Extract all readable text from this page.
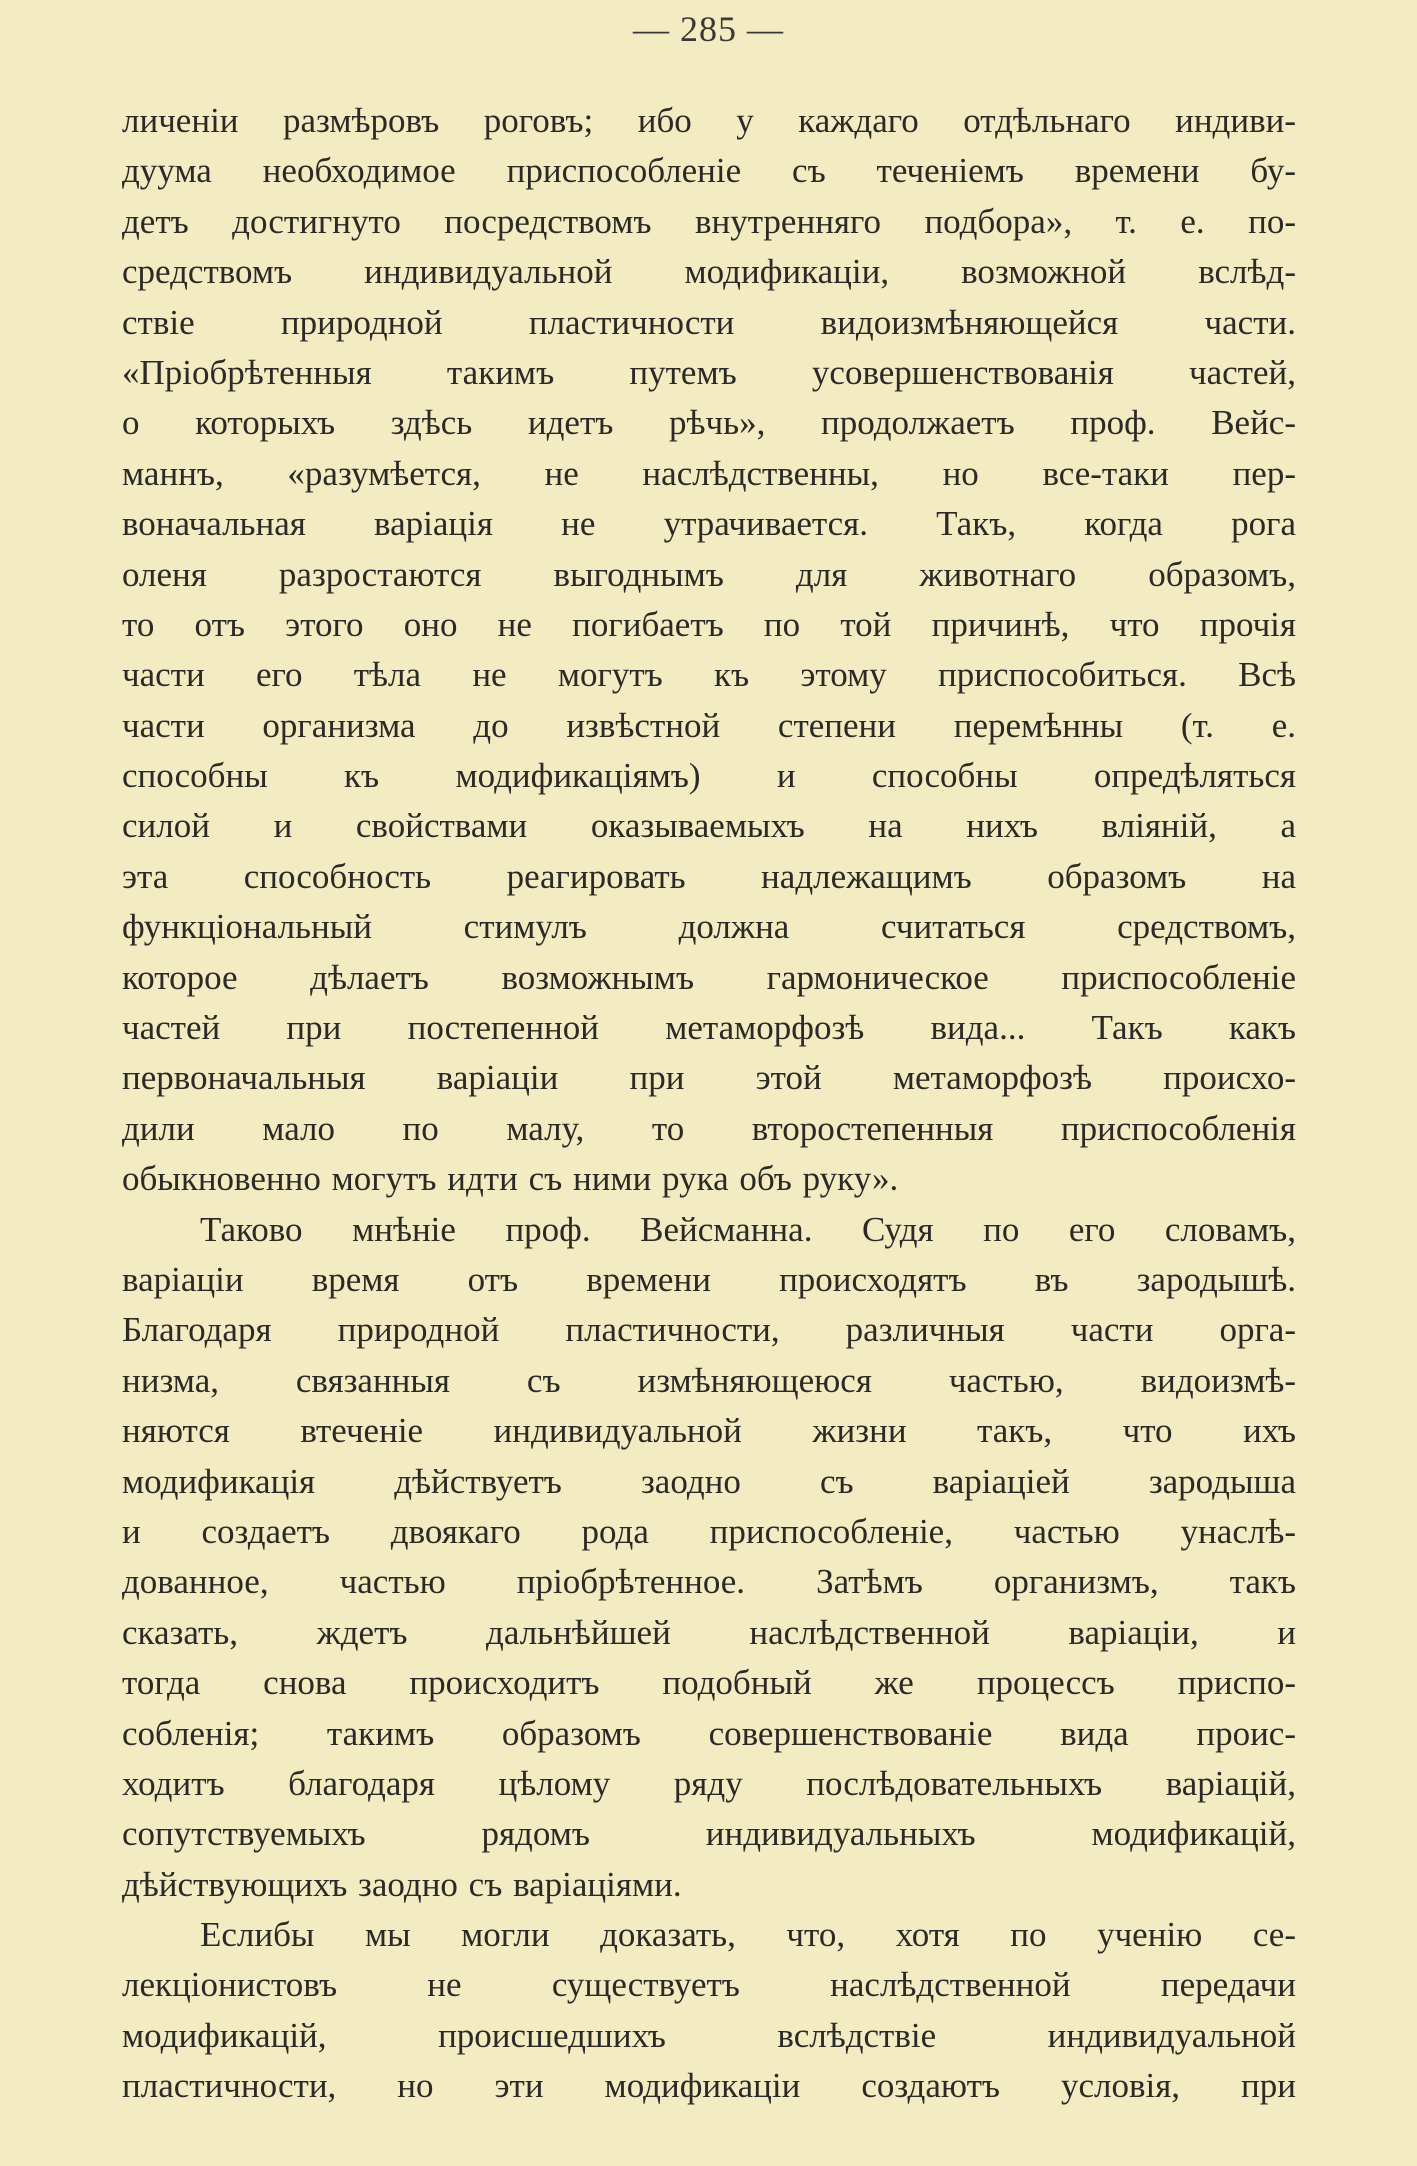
— 285 —
личеніи размѣровъ роговъ; ибо у каждаго отдѣльнаго индиви-
дуума необходимое приспособленіе съ теченіемъ времени бу-
детъ достигнуто посредствомъ внутренняго подбора», т. е. по-
средствомъ индивидуальной модификаціи, возможной вслѣд-
ствіе природной пластичности видоизмѣняющейся части.
«Пріобрѣтенныя такимъ путемъ усовершенствованія частей,
о которыхъ здѣсь идетъ рѣчь», продолжаетъ проф. Вейс-
маннъ, «разумѣется, не наслѣдственны, но все-таки пер-
воначальная варіація не утрачивается. Такъ, когда рога
оленя разростаются выгоднымъ для животнаго образомъ,
то отъ этого оно не погибаетъ по той причинѣ, что прочія
части его тѣла не могутъ къ этому приспособиться. Всѣ
части организма до извѣстной степени перемѣнны (т. е.
способны къ модификаціямъ) и способны опредѣляться
силой и свойствами оказываемыхъ на нихъ вліяній, а
эта способность реагировать надлежащимъ образомъ на
функціональный стимулъ должна считаться средствомъ,
которое дѣлаетъ возможнымъ гармоническое приспособленіе
частей при постепенной метаморфозѣ вида... Такъ какъ
первоначальныя варіаціи при этой метаморфозѣ происхо-
дили мало по малу, то второстепенныя приспособленія
обыкновенно могутъ идти съ ними рука объ руку».
Таково мнѣніе проф. Вейсманна. Судя по его словамъ,
варіаціи время отъ времени происходятъ въ зародышѣ.
Благодаря природной пластичности, различныя части орга-
низма, связанныя съ измѣняющеюся частью, видоизмѣ-
няются втеченіе индивидуальной жизни такъ, что ихъ
модификація дѣйствуетъ заодно съ варіаціей зародыша
и создаетъ двоякаго рода приспособленіе, частью унаслѣ-
дованное, частью пріобрѣтенное. Затѣмъ организмъ, такъ
сказать, ждетъ дальнѣйшей наслѣдственной варіаціи, и
тогда снова происходитъ подобный же процессъ приспо-
собленія; такимъ образомъ совершенствованіе вида проис-
ходитъ благодаря цѣлому ряду послѣдовательныхъ варіацій,
сопутствуемыхъ рядомъ индивидуальныхъ модификацій,
дѣйствующихъ заодно съ варіаціями.
Еслибы мы могли доказать, что, хотя по ученію се-
лекціонистовъ не существуетъ наслѣдственной передачи
модификацій, происшедшихъ вслѣдствіе индивидуальной
пластичности, но эти модификаціи создаютъ условія, при
